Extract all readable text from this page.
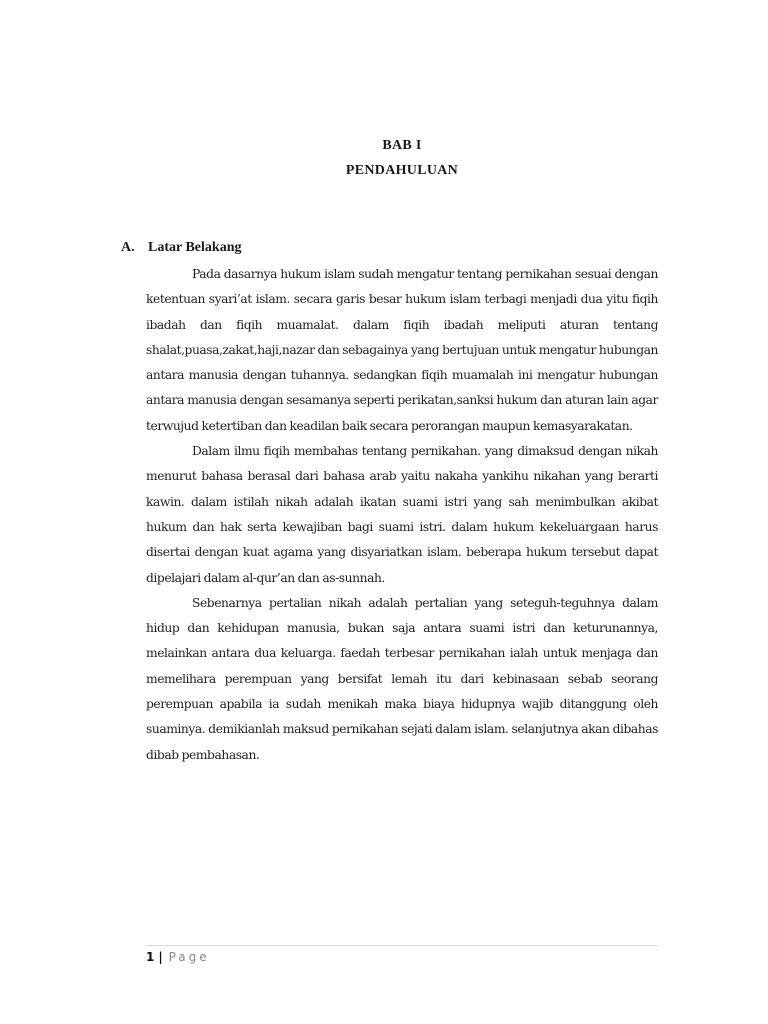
BAB I
PENDAHULUAN
A. Latar Belakang

Pada dasarnya hukum islam sudah mengatur tentang pernikahan sesuai dengan ketentuan syari’at islam. secara garis besar hukum islam terbagi menjadi dua yitu fiqih ibadah dan fiqih muamalat. dalam fiqih ibadah meliputi aturan tentang shalat,puasa,zakat,haji,nazar dan sebagainya yang bertujuan untuk mengatur hubungan antara manusia dengan tuhannya. sedangkan fiqih muamalah ini mengatur hubungan antara manusia dengan sesamanya seperti perikatan,sanksi hukum dan aturan lain agar terwujud ketertiban dan keadilan baik secara perorangan maupun kemasyarakatan.

Dalam ilmu fiqih membahas tentang pernikahan. yang dimaksud dengan nikah menurut bahasa berasal dari bahasa arab yaitu nakaha yankihu nikahan yang berarti kawin. dalam istilah nikah adalah ikatan suami istri yang sah menimbulkan akibat hukum dan hak serta kewajiban bagi suami istri. dalam hukum kekeluargaan harus disertai dengan kuat agama yang disyariatkan islam. beberapa hukum tersebut dapat dipelajari dalam al-qur’an dan as-sunnah.

Sebenarnya pertalian nikah adalah pertalian yang seteguh-teguhnya dalam hidup dan kehidupan manusia, bukan saja antara suami istri dan keturunannya, melainkan antara dua keluarga. faedah terbesar pernikahan ialah untuk menjaga dan memelihara perempuan yang bersifat lemah itu dari kebinasaan sebab seorang perempuan apabila ia sudah menikah maka biaya hidupnya wajib ditanggung oleh suaminya. demikianlah maksud pernikahan sejati dalam islam. selanjutnya akan dibahas dibab pembahasan.

1 | Page
